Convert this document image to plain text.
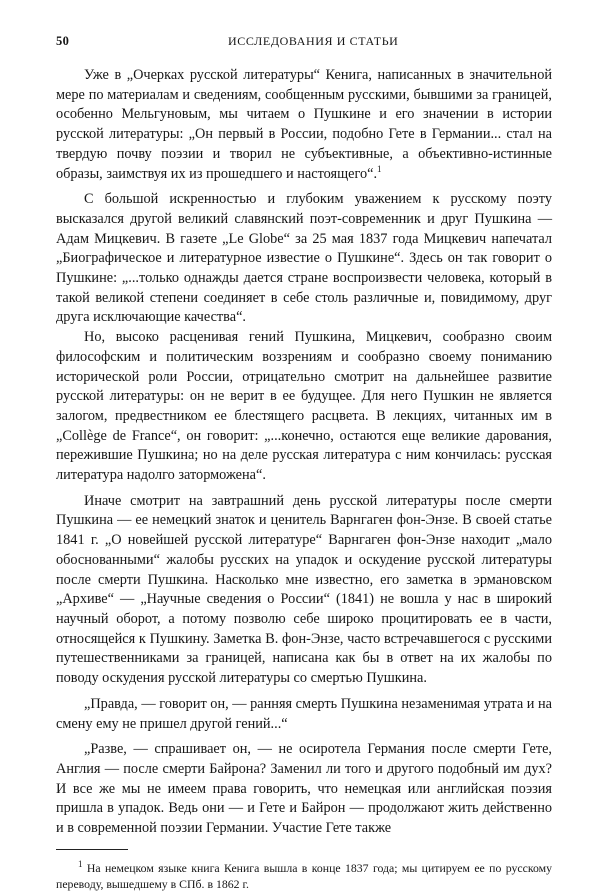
50	ИССЛЕДОВАНИЯ И СТАТЬИ

Уже в „Очерках русской литературы“ Кенига, написанных в значительной мере по материалам и сведениям, сообщенным русскими, бывшими за границей, особенно Мельгуновым, мы читаем о Пушкине и его значении в истории русской литературы: „Он первый в России, подобно Гете в Германии... стал на твердую почву поэзии и творил не субъективные, а объективно-истинные образы, заимствуя их из прошедшего и настоящего“.$^1$

С большой искренностью и глубоким уважением к русскому поэту высказался другой великий славянский поэт-современник и друг Пушкина — Адам Мицкевич. В газете „Le Globe“ за 25 мая 1837 года Мицкевич напечатал „Биографическое и литературное известие о Пушкине“. Здесь он так говорит о Пушкине: „...только однажды дается стране воспроизвести человека, который в такой великой степени соединяет в себе столь различные и, повидимому, друг друга исключающие качества“.

Но, высоко расценивая гений Пушкина, Мицкевич, сообразно своим философским и политическим воззрениям и сообразно своему пониманию исторической роли России, отрицательно смотрит на дальнейшее развитие русской литературы: он не верит в ее будущее. Для него Пушкин не является залогом, предвестником ее блестящего расцвета. В лекциях, читанных им в „Collège de France“, он говорит: „...конечно, остаются еще великие дарования, пережившие Пушкина; но на деле русская литература с ним кончилась: русская литература надолго заторможена“.

Иначе смотрит на завтрашний день русской литературы после смерти Пушкина — ее немецкий знаток и ценитель Варнгаген фон-Энзе. В своей статье 1841 г. „О новейшей русской литературе“ Варнгаген фон-Энзе находит „мало обоснованными“ жалобы русских на упадок и оскудение русской литературы после смерти Пушкина. Насколько мне известно, его заметка в эрмановском „Архиве“ — „Научные сведения о России“ (1841) не вошла у нас в широкий научный оборот, а потому позволю себе широко процитировать ее в части, относящейся к Пушкину. Заметка В. фон-Энзе, часто встречавшегося с русскими путешественниками за границей, написана как бы в ответ на их жалобы по поводу оскудения русской литературы со смертью Пушкина.

„Правда, — говорит он, — ранняя смерть Пушкина незаменимая утрата и на смену ему не пришел другой гений...“

„Разве, — спрашивает он, — не осиротела Германия после смерти Гете, Англия — после смерти Байрона? Заменил ли того и другого подобный им дух? И все же мы не имеем права говорить, что немецкая или английская поэзия пришла в упадок. Ведь они — и Гете и Байрон — продолжают жить действенно и в современной поэзии Германии. Участие Гете также

$^1$ На немецком языке книга Кенига вышла в конце 1837 года; мы цитируем ее по русскому переводу, вышедшему в СПб. в 1862 г.
